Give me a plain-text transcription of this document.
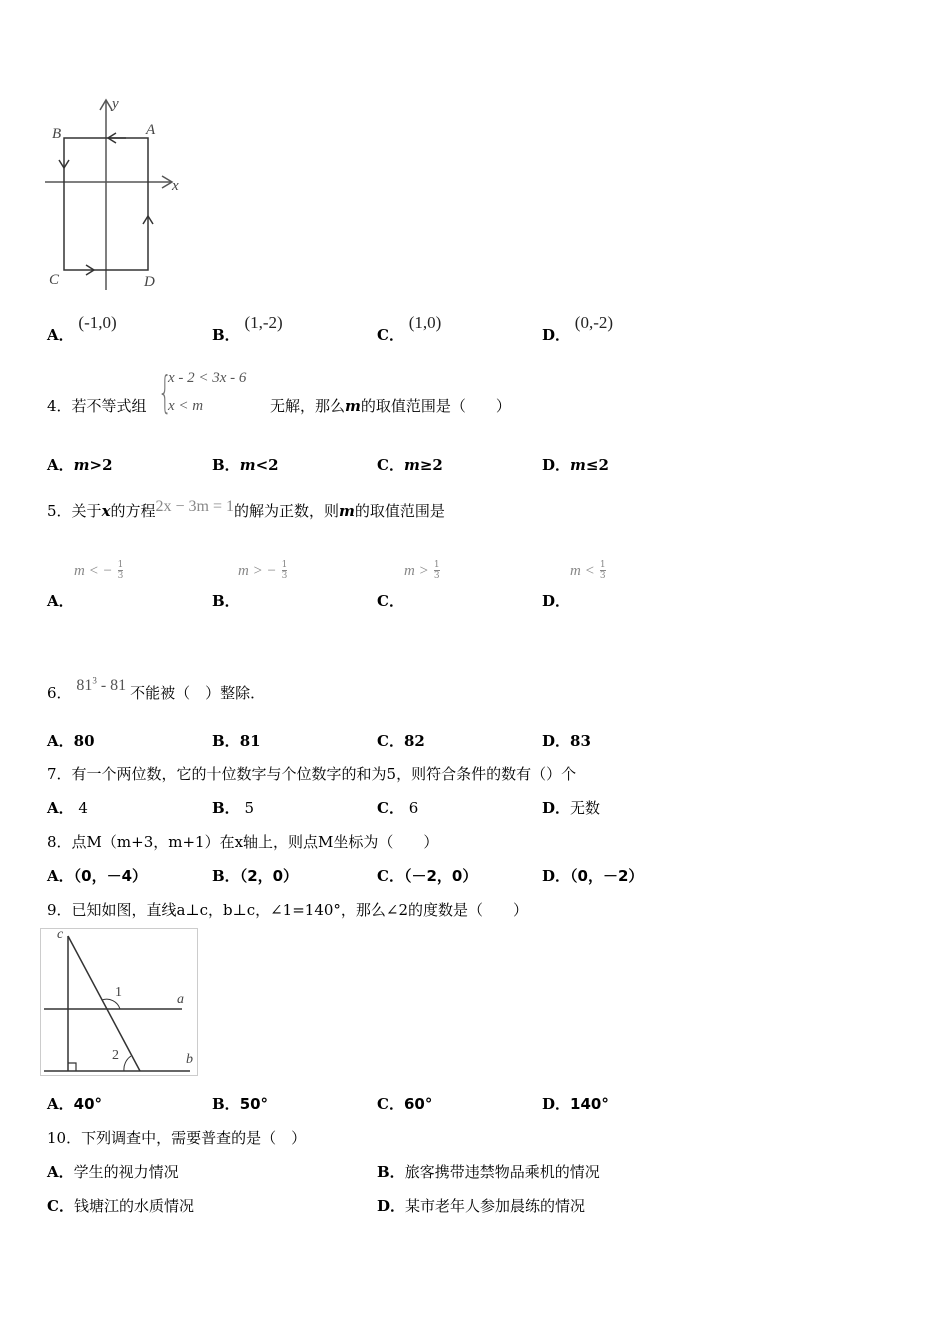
y
x
A
B
C	D
A． (-1,0)
B． (1,-2)
C． (1,0)
D． (0,-2)
4．若不等式组 {
x - 2 < 3x - 6
x < m	无解，那么m的取值范围是（　　）
A．m>2	B．m<2	C．m≥2	D．m≤2
5．关于x的方程2x − 3m = 1的解为正数，则m的取值范围是
A．
m < − $\frac{1}{3}$
B．
m > − $\frac{1}{3}$
C．
$m > \frac{1}{3}$
D．
$m < \frac{1}{3}$
6． $81^3 - 81$ 不能被（　）整除．
A．80	B．81	C．82	D．83
7．有一个两位数，它的十位数字与个位数字的和为5，则符合条件的数有（）个
A． 4	B． 5	C． 6	D．无数
8．点M（m+3，m+1）在x轴上，则点M坐标为（　　）
A．（0，－4）	B．（2，0）	C．（－2，0）	D．（0，－2）
9．已知如图，直线a⊥c，b⊥c，∠1=140°，那么∠2的度数是（　　）
c
a
b
1
2
A．40°	B．50°	C．60°	D．140°
10．下列调查中，需要普查的是（　）
A．学生的视力情况	B．旅客携带违禁物品乘机的情况
C．钱塘江的水质情况	D．某市老年人参加晨练的情况
